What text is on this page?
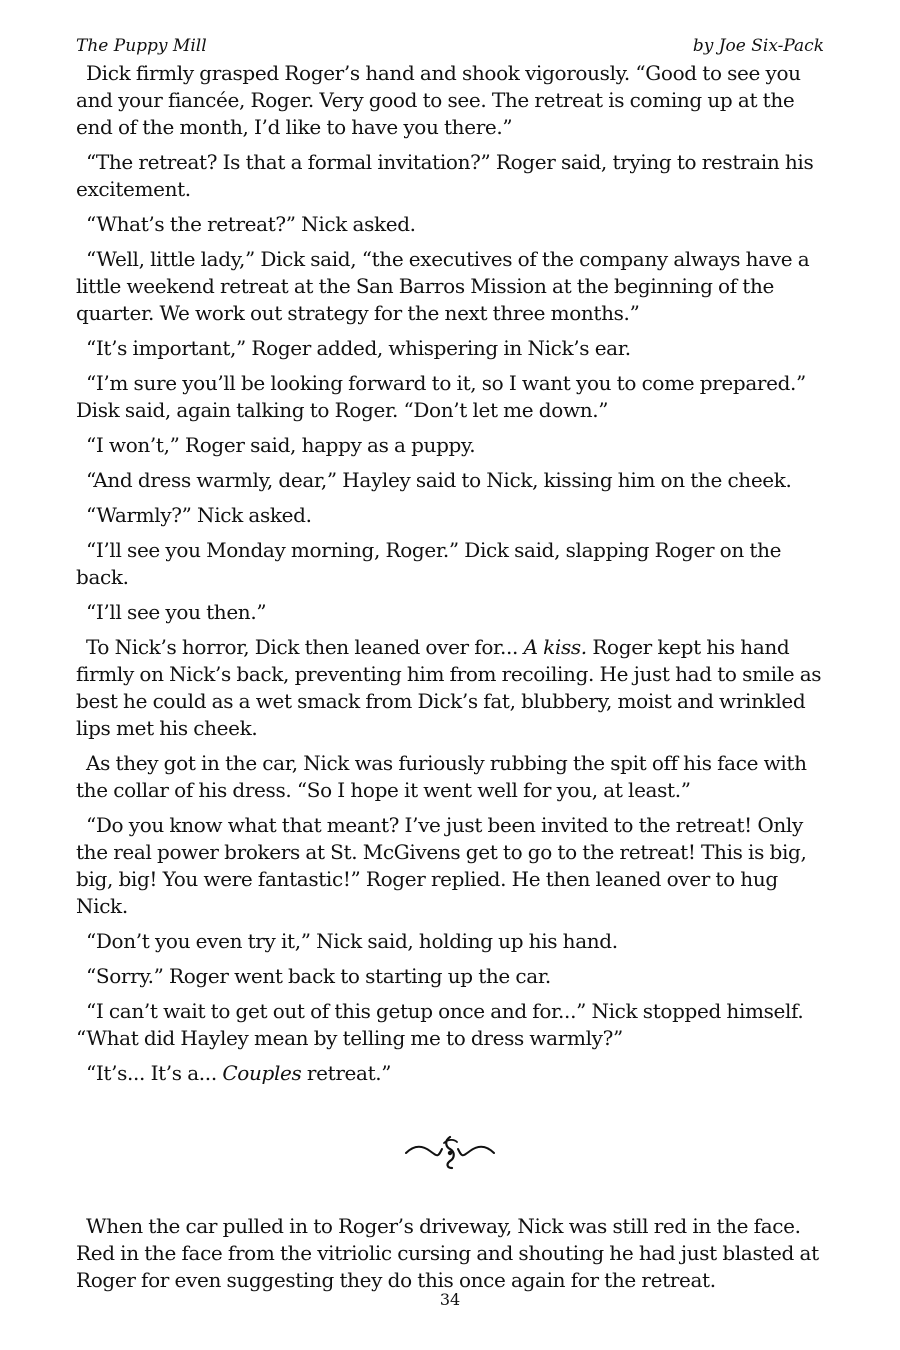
The Puppy Mill	by Joe Six-Pack

Dick firmly grasped Roger’s hand and shook vigorously. “Good to see you and your fiancée, Roger. Very good to see. The retreat is coming up at the end of the month, I’d like to have you there.”

“The retreat? Is that a formal invitation?” Roger said, trying to restrain his excitement.

“What’s the retreat?” Nick asked.

“Well, little lady,” Dick said, “the executives of the company always have a little weekend retreat at the San Barros Mission at the beginning of the quarter. We work out strategy for the next three months.”

“It’s important,” Roger added, whispering in Nick’s ear.

“I’m sure you’ll be looking forward to it, so I want you to come prepared.” Disk said, again talking to Roger. “Don’t let me down.”

“I won’t,” Roger said, happy as a puppy.

“And dress warmly, dear,” Hayley said to Nick, kissing him on the cheek.

“Warmly?” Nick asked.

“I’ll see you Monday morning, Roger.” Dick said, slapping Roger on the back.

“I’ll see you then.”

To Nick’s horror, Dick then leaned over for... A kiss. Roger kept his hand firmly on Nick’s back, preventing him from recoiling. He just had to smile as best he could as a wet smack from Dick’s fat, blubbery, moist and wrinkled lips met his cheek.

As they got in the car, Nick was furiously rubbing the spit off his face with the collar of his dress. “So I hope it went well for you, at least.”

“Do you know what that meant? I’ve just been invited to the retreat! Only the real power brokers at St. McGivens get to go to the retreat! This is big, big, big! You were fantastic!” Roger replied. He then leaned over to hug Nick.

“Don’t you even try it,” Nick said, holding up his hand.

“Sorry.” Roger went back to starting up the car.

“I can’t wait to get out of this getup once and for...” Nick stopped himself. “What did Hayley mean by telling me to dress warmly?”

“It’s... It’s a... Couples retreat.”

When the car pulled in to Roger’s driveway, Nick was still red in the face. Red in the face from the vitriolic cursing and shouting he had just blasted at Roger for even suggesting they do this once again for the retreat.

34
